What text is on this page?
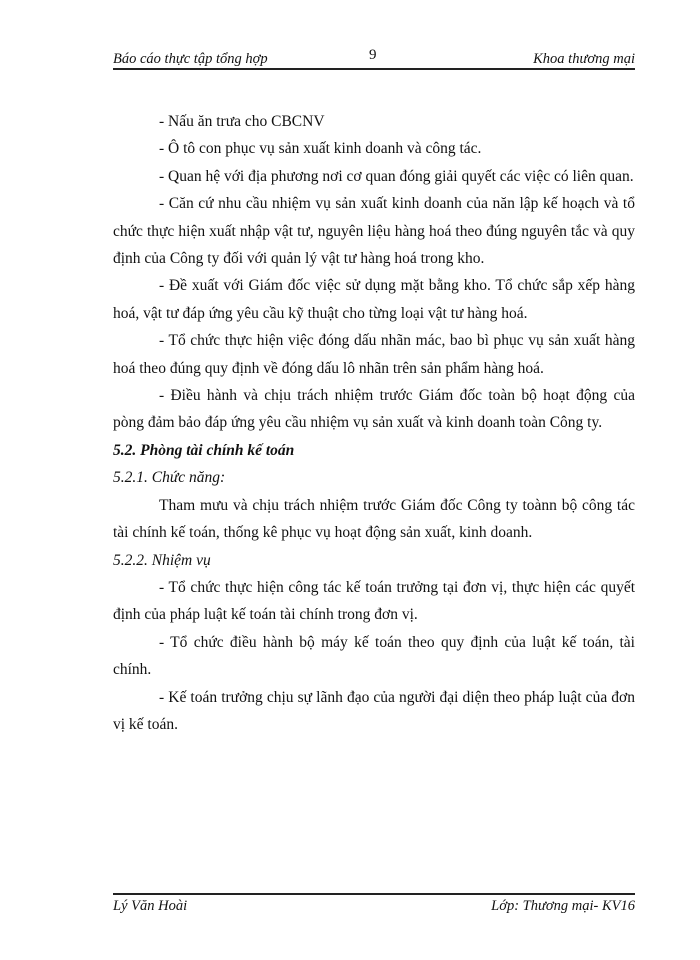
Báo cáo thực tập tổng hợp	9	Khoa thương mại

- Nấu ăn trưa cho CBCNV

- Ô tô con phục vụ sản xuất kinh doanh và công tác.

- Quan hệ với địa phương nơi cơ quan đóng giải quyết các việc có liên quan.

- Căn cứ nhu cầu nhiệm vụ sản xuất kinh doanh của năn lập kế hoạch và tổ chức thực hiện xuất nhập vật tư, nguyên liệu hàng hoá theo đúng nguyên tắc và quy định của Công ty đối với quản lý vật tư hàng hoá trong kho.

- Đề xuất với Giám đốc việc sử dụng mặt bằng kho. Tổ chức sắp xếp hàng hoá, vật tư đáp ứng yêu cầu kỹ thuật cho từng loại vật tư hàng hoá.

- Tổ chức thực hiện việc đóng dấu nhãn mác, bao bì phục vụ sản xuất hàng hoá theo đúng quy định về đóng dấu lô nhãn trên sản phẩm hàng hoá.

- Điều hành và chịu trách nhiệm trước Giám đốc toàn bộ hoạt động của pòng đảm bảo đáp ứng yêu cầu nhiệm vụ sản xuất và kinh doanh toàn Công ty.

5.2. Phòng tài chính kế toán

5.2.1. Chức năng:

Tham mưu và chịu trách nhiệm trước Giám đốc Công ty toànn bộ công tác tài chính kế toán, thống kê phục vụ hoạt động sản xuất, kinh doanh.

5.2.2. Nhiệm vụ

- Tổ chức thực hiện công tác kế toán trưởng tại đơn vị, thực hiện các quyết định của pháp luật kế toán tài chính trong đơn vị.

- Tổ chức điều hành bộ máy kế toán theo quy định của luật kế toán, tài chính.

- Kế toán trưởng chịu sự lãnh đạo của người đại diện theo pháp luật của đơn vị kế toán.

Lý Văn Hoài	Lớp: Thương mại- KV16
